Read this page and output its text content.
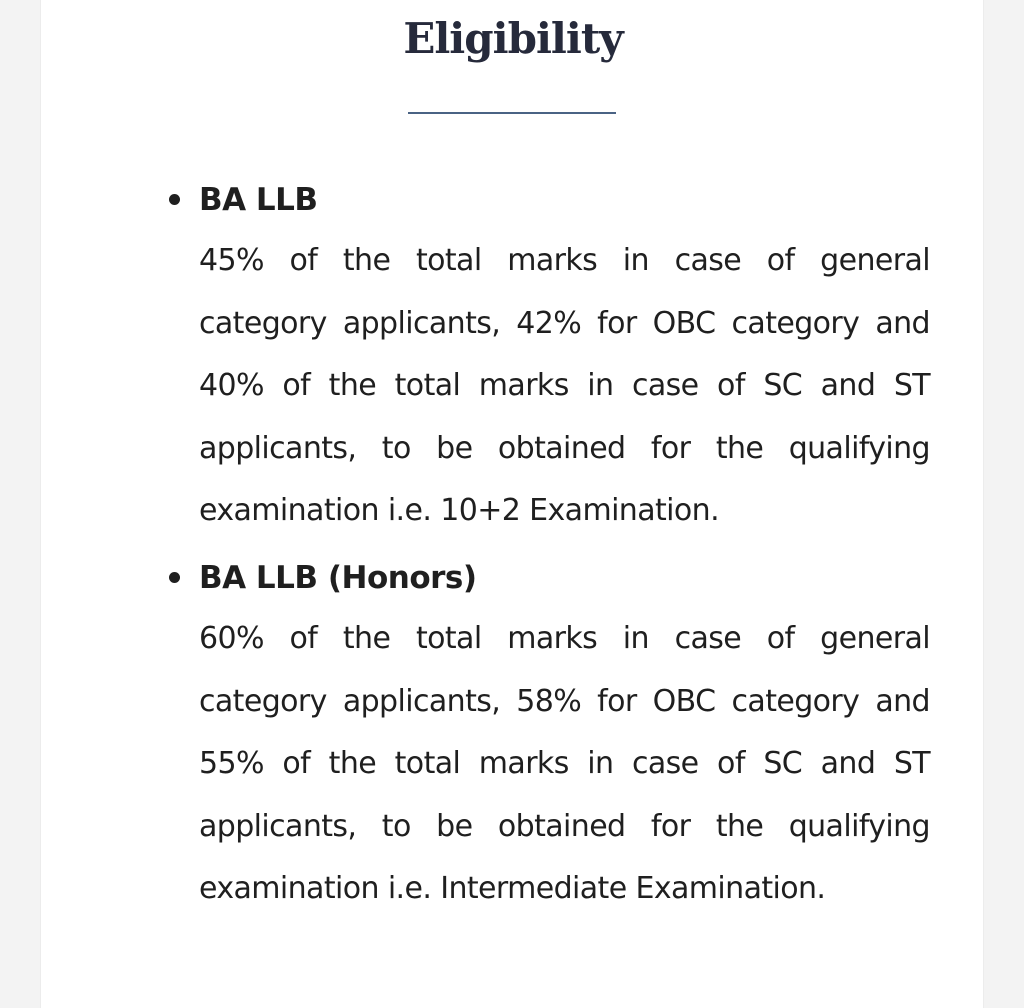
Eligibility
BA LLB

45% of the total marks in case of general category applicants, 42% for OBC category and 40% of the total marks in case of SC and ST applicants, to be obtained for the qualifying examination i.e. 10+2 Examination.

BA LLB (Honors)

60% of the total marks in case of general category applicants, 58% for OBC category and 55% of the total marks in case of SC and ST applicants, to be obtained for the qualifying examination i.e. Intermediate Examination.
